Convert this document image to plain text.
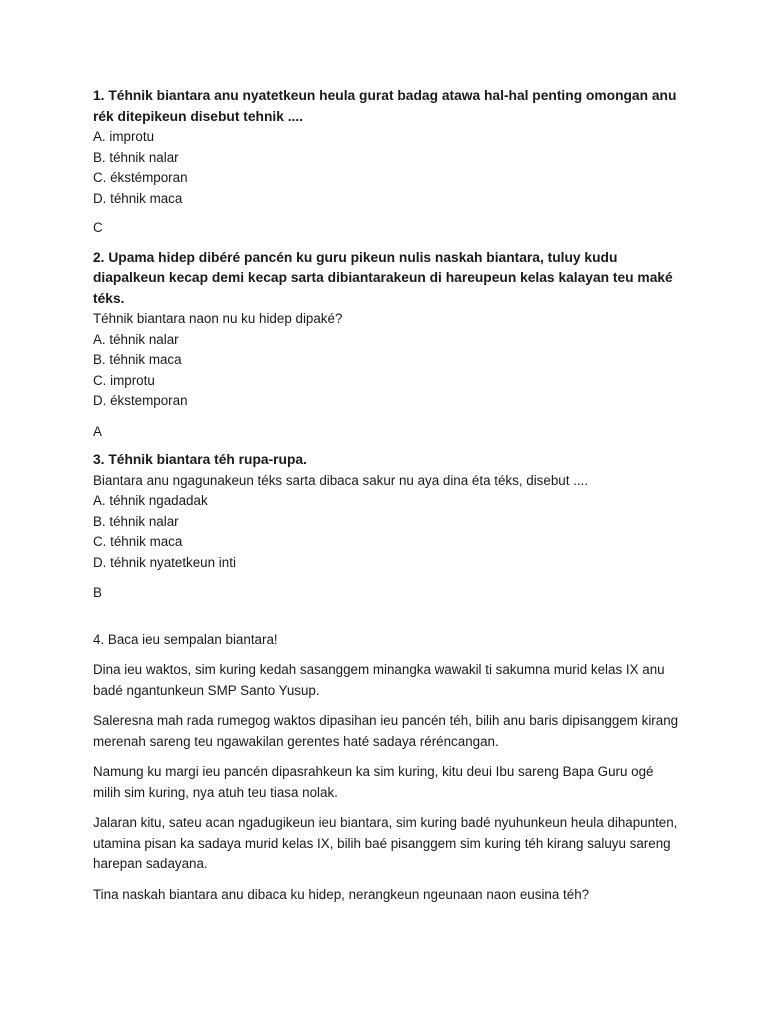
1. Téhnik biantara anu nyatetkeun heula gurat badag atawa hal-hal penting omongan anu rék ditepikeun disebut tehnik ....

A. improtu

B. téhnik nalar

C. ékstémporan

D. téhnik maca

C

2. Upama hidep dibéré pancén ku guru pikeun nulis naskah biantara, tuluy kudu diapalkeun kecap demi kecap sarta dibiantarakeun di hareupeun kelas kalayan teu maké téks.

Téhnik biantara naon nu ku hidep dipaké?

A. téhnik nalar

B. téhnik maca

C. improtu

D. ékstemporan

A

3. Téhnik biantara téh rupa-rupa.

Biantara anu ngagunakeun téks sarta dibaca sakur nu aya dina éta téks, disebut ....

A. téhnik ngadadak

B. téhnik nalar

C. téhnik maca

D. téhnik nyatetkeun inti

B

4. Baca ieu sempalan biantara!

Dina ieu waktos, sim kuring kedah sasanggem minangka wawakil ti sakumna murid kelas IX anu badé ngantunkeun SMP Santo Yusup.

Saleresna mah rada rumegog waktos dipasihan ieu pancén téh, bilih anu baris dipisanggem kirang merenah sareng teu ngawakilan gerentes haté sadaya réréncangan.

Namung ku margi ieu pancén dipasrahkeun ka sim kuring, kitu deui Ibu sareng Bapa Guru ogé milih sim kuring, nya atuh teu tiasa nolak.

Jalaran kitu, sateu acan ngadugikeun ieu biantara, sim kuring badé nyuhunkeun heula dihapunten, utamina pisan ka sadaya murid kelas IX, bilih baé pisanggem sim kuring téh kirang saluyu sareng harepan sadayana.

Tina naskah biantara anu dibaca ku hidep, nerangkeun ngeunaan naon eusina téh?
